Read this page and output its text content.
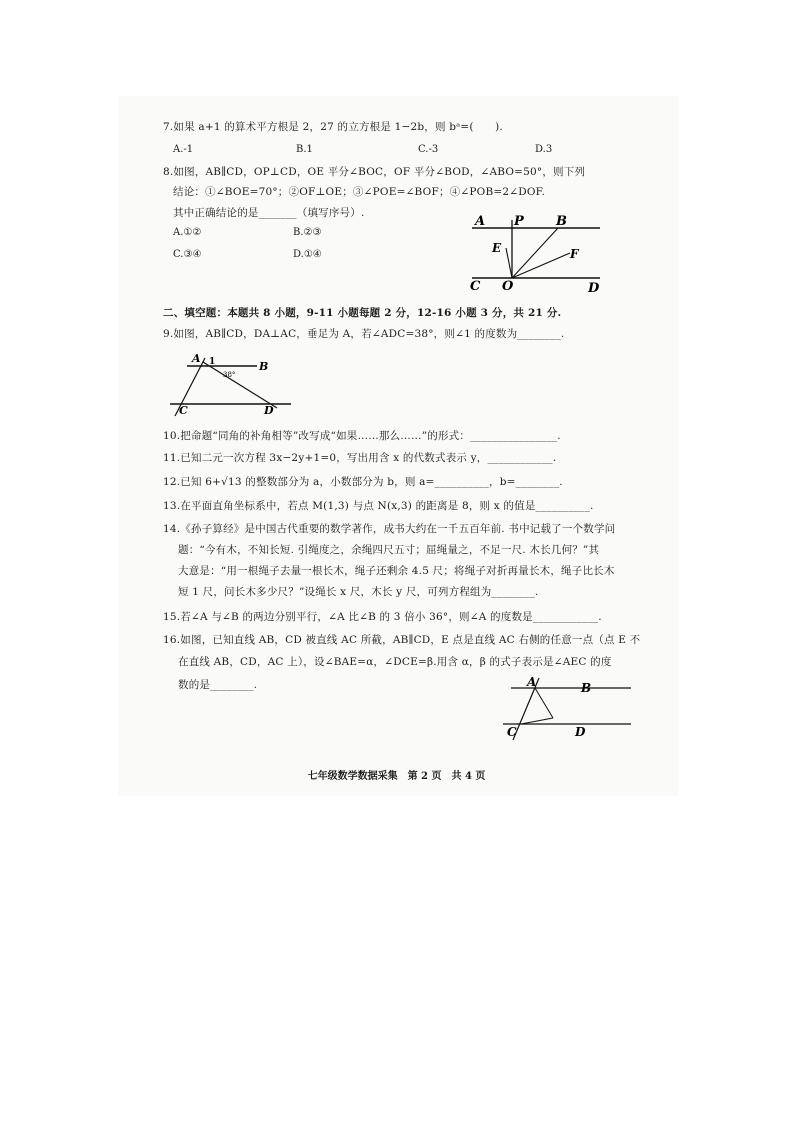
7.如果 a+1 的算术平方根是 2，27 的立方根是 1−2b，则 bᵃ=(　　).
A.-1	B.1	C.-3	D.3
8.如图，AB∥CD，OP⊥CD，OE 平分∠BOC，OF 平分∠BOD，∠ABO=50°，则下列
结论：①∠BOE=70°；②OF⊥OE；③∠POE=∠BOF；④∠POB=2∠DOF.
其中正确结论的是_______（填写序号）.
A.①②	B.②③
C.③④	D.①④
A P B
E	F
C O	D
二、填空题：本题共 8 小题，9-11 小题每题 2 分，12-16 小题 3 分，共 21 分.
9.如图，AB∥CD，DA⊥AC，垂足为 A，若∠ADC=38°，则∠1 的度数为________.
A 1
38°
B
C	D
10.把命题“同角的补角相等”改写成“如果……那么……”的形式：________________.
11.已知二元一次方程 3x−2y+1=0，写出用含 x 的代数式表示 y，____________.
12.已知 6+√13 的整数部分为 a，小数部分为 b，则 a=__________，b=________.
13.在平面直角坐标系中，若点 M(1,3) 与点 N(x,3) 的距离是 8，则 x 的值是__________.
14.《孙子算经》是中国古代重要的数学著作，成书大约在一千五百年前. 书中记载了一个数学问
题：“今有木，不知长短. 引绳度之，余绳四尺五寸；屈绳量之，不足一尺. 木长几何？”其
大意是：“用一根绳子去量一根长木，绳子还剩余 4.5 尺；将绳子对折再量长木，绳子比长木
短 1 尺，问长木多少尺？”设绳长 x 尺，木长 y 尺，可列方程组为________.
15.若∠A 与∠B 的两边分别平行，∠A 比∠B 的 3 倍小 36°，则∠A 的度数是____________.
16.如图，已知直线 AB，CD 被直线 AC 所截，AB∥CD，E 点是直线 AC 右侧的任意一点（点 E 不
在直线 AB，CD，AC 上），设∠BAE=α，∠DCE=β.用含 α，β 的式子表示是∠AEC 的度
数的是________.	A	B
C	D
七年级数学数据采集　第 2 页　共 4 页
